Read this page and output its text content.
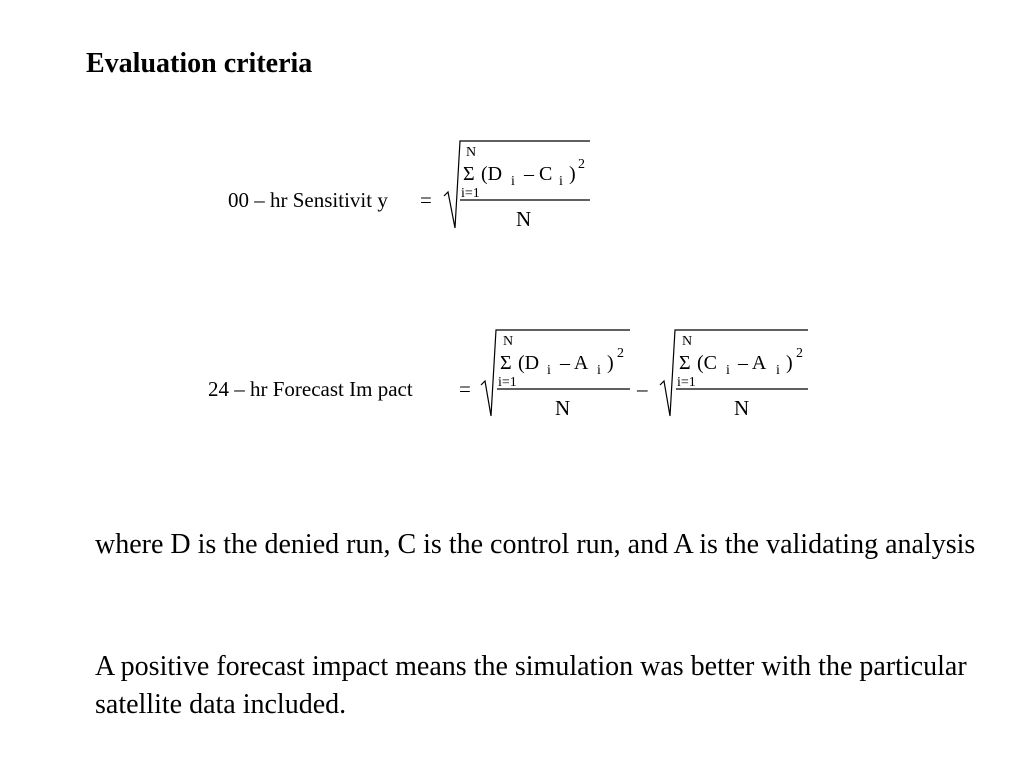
Evaluation criteria
00 – hr Sensitivit y =
N
Σ
i=1
(D i – C i ) 2
N
24 – hr Forecast Im pact =
N
Σ
i=1
(D i – A i ) 2
N
–
N
Σ
i=1
(C i – A i ) 2
N
where D is the denied run, C is the control run, and A is the validating analysis
A positive forecast impact means the simulation was better with the particular satellite data included.
